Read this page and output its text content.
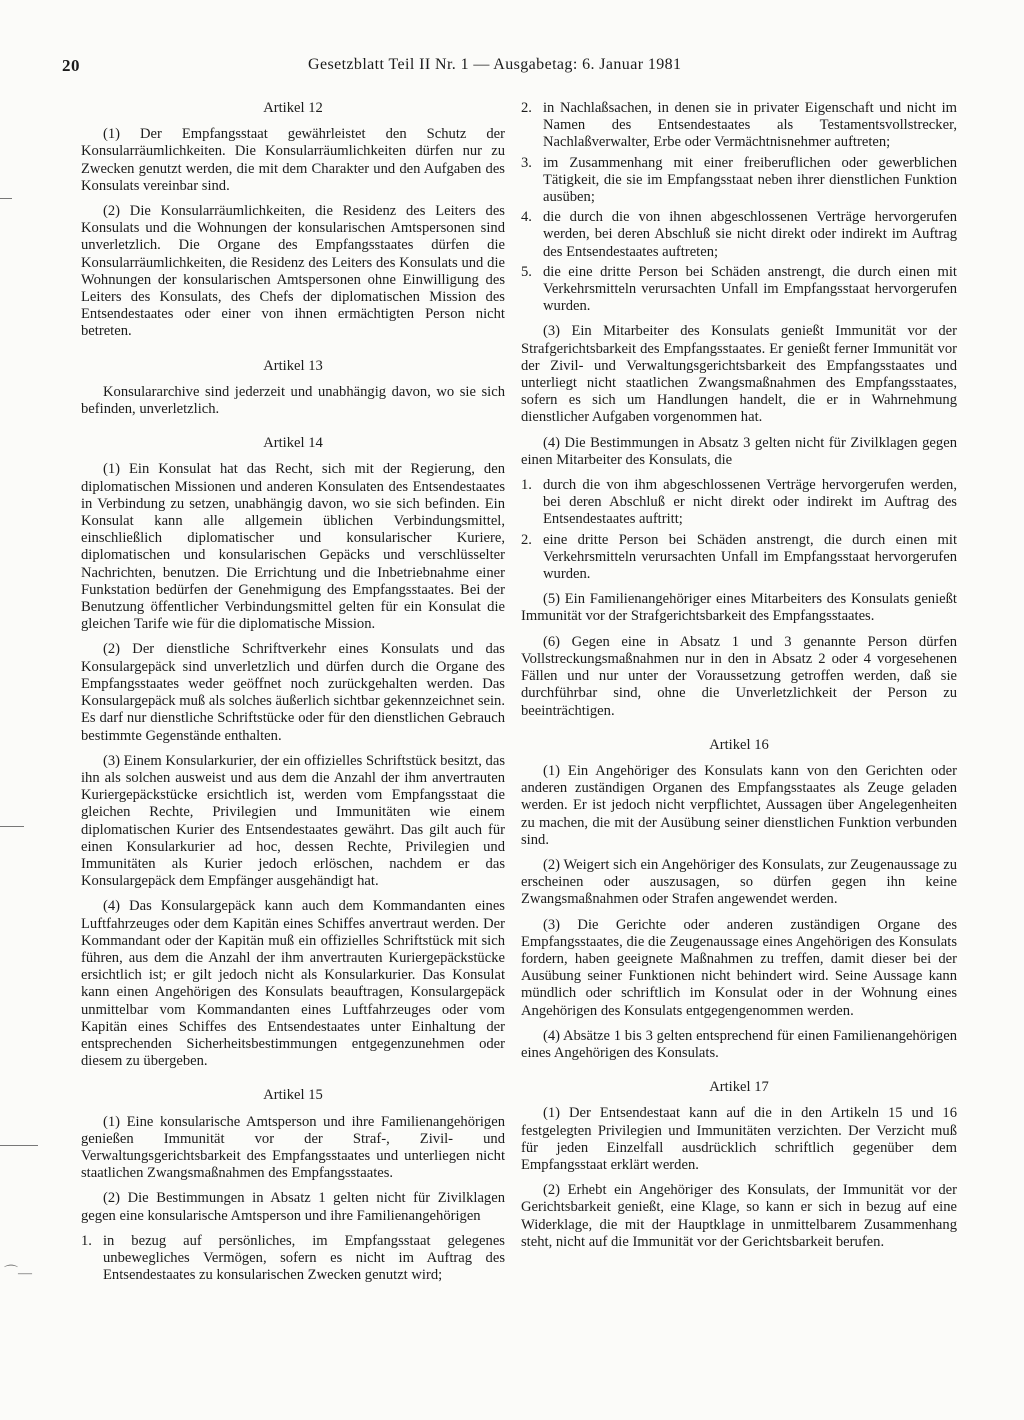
⌒—
20	Gesetzblatt Teil II Nr. 1 — Ausgabetag: 6. Januar 1981
Artikel 12

(1) Der Empfangsstaat gewährleistet den Schutz der Konsularräumlichkeiten. Die Konsularräumlichkeiten dürfen nur zu Zwecken genutzt werden, die mit dem Charakter und den Aufgaben des Konsulats vereinbar sind.

(2) Die Konsularräumlichkeiten, die Residenz des Leiters des Konsulats und die Wohnungen der konsularischen Amtspersonen sind unverletzlich. Die Organe des Empfangsstaates dürfen die Konsularräumlichkeiten, die Residenz des Leiters des Konsulats und die Wohnungen der konsularischen Amtspersonen ohne Einwilligung des Leiters des Konsulats, des Chefs der diplomatischen Mission des Entsendestaates oder einer von ihnen ermächtigten Person nicht betreten.

Artikel 13

Konsulararchive sind jederzeit und unabhängig davon, wo sie sich befinden, unverletzlich.

Artikel 14

(1) Ein Konsulat hat das Recht, sich mit der Regierung, den diplomatischen Missionen und anderen Konsulaten des Entsendestaates in Verbindung zu setzen, unabhängig davon, wo sie sich befinden. Ein Konsulat kann alle allgemein üblichen Verbindungsmittel, einschließlich diplomatischer und konsularischer Kuriere, diplomatischen und konsularischen Gepäcks und verschlüsselter Nachrichten, benutzen. Die Errichtung und die Inbetriebnahme einer Funkstation bedürfen der Genehmigung des Empfangsstaates. Bei der Benutzung öffentlicher Verbindungsmittel gelten für ein Konsulat die gleichen Tarife wie für die diplomatische Mission.

(2) Der dienstliche Schriftverkehr eines Konsulats und das Konsulargepäck sind unverletzlich und dürfen durch die Organe des Empfangsstaates weder geöffnet noch zurückgehalten werden. Das Konsulargepäck muß als solches äußerlich sichtbar gekennzeichnet sein. Es darf nur dienstliche Schriftstücke oder für den dienstlichen Gebrauch bestimmte Gegenstände enthalten.

(3) Einem Konsularkurier, der ein offizielles Schriftstück besitzt, das ihn als solchen ausweist und aus dem die Anzahl der ihm anvertrauten Kuriergepäckstücke ersichtlich ist, werden vom Empfangsstaat die gleichen Rechte, Privilegien und Immunitäten wie einem diplomatischen Kurier des Entsendestaates gewährt. Das gilt auch für einen Konsularkurier ad hoc, dessen Rechte, Privilegien und Immunitäten als Kurier jedoch erlöschen, nachdem er das Konsulargepäck dem Empfänger ausgehändigt hat.

(4) Das Konsulargepäck kann auch dem Kommandanten eines Luftfahrzeuges oder dem Kapitän eines Schiffes anvertraut werden. Der Kommandant oder der Kapitän muß ein offizielles Schriftstück mit sich führen, aus dem die Anzahl der ihm anvertrauten Kuriergepäckstücke ersichtlich ist; er gilt jedoch nicht als Konsularkurier. Das Konsulat kann einen Angehörigen des Konsulats beauftragen, Konsulargepäck unmittelbar vom Kommandanten eines Luftfahrzeuges oder vom Kapitän eines Schiffes des Entsendestaates unter Einhaltung der entsprechenden Sicherheitsbestimmungen entgegenzunehmen oder diesem zu übergeben.

Artikel 15

(1) Eine konsularische Amtsperson und ihre Familienangehörigen genießen Immunität vor der Straf-, Zivil- und Verwaltungsgerichtsbarkeit des Empfangsstaates und unterliegen nicht staatlichen Zwangsmaßnahmen des Empfangsstaates.

(2) Die Bestimmungen in Absatz 1 gelten nicht für Zivilklagen gegen eine konsularische Amtsperson und ihre Familienangehörigen

1. in bezug auf persönliches, im Empfangsstaat gelegenes unbewegliches Vermögen, sofern es nicht im Auftrag des Entsendestaates zu konsularischen Zwecken genutzt wird;
2. in Nachlaßsachen, in denen sie in privater Eigenschaft und nicht im Namen des Entsendestaates als Testamentsvollstrecker, Nachlaßverwalter, Erbe oder Vermächtnisnehmer auftreten;
3. im Zusammenhang mit einer freiberuflichen oder gewerblichen Tätigkeit, die sie im Empfangsstaat neben ihrer dienstlichen Funktion ausüben;
4. die durch die von ihnen abgeschlossenen Verträge hervorgerufen werden, bei deren Abschluß sie nicht direkt oder indirekt im Auftrag des Entsendestaates auftreten;
5. die eine dritte Person bei Schäden anstrengt, die durch einen mit Verkehrsmitteln verursachten Unfall im Empfangsstaat hervorgerufen wurden.

(3) Ein Mitarbeiter des Konsulats genießt Immunität vor der Strafgerichtsbarkeit des Empfangsstaates. Er genießt ferner Immunität vor der Zivil- und Verwaltungsgerichtsbarkeit des Empfangsstaates und unterliegt nicht staatlichen Zwangsmaßnahmen des Empfangsstaates, sofern es sich um Handlungen handelt, die er in Wahrnehmung dienstlicher Aufgaben vorgenommen hat.

(4) Die Bestimmungen in Absatz 3 gelten nicht für Zivilklagen gegen einen Mitarbeiter des Konsulats, die

1. durch die von ihm abgeschlossenen Verträge hervorgerufen werden, bei deren Abschluß er nicht direkt oder indirekt im Auftrag des Entsendestaates auftritt;
2. eine dritte Person bei Schäden anstrengt, die durch einen mit Verkehrsmitteln verursachten Unfall im Empfangsstaat hervorgerufen wurden.

(5) Ein Familienangehöriger eines Mitarbeiters des Konsulats genießt Immunität vor der Strafgerichtsbarkeit des Empfangsstaates.

(6) Gegen eine in Absatz 1 und 3 genannte Person dürfen Vollstreckungsmaßnahmen nur in den in Absatz 2 oder 4 vorgesehenen Fällen und nur unter der Voraussetzung getroffen werden, daß sie durchführbar sind, ohne die Unverletzlichkeit der Person zu beeinträchtigen.

Artikel 16

(1) Ein Angehöriger des Konsulats kann von den Gerichten oder anderen zuständigen Organen des Empfangsstaates als Zeuge geladen werden. Er ist jedoch nicht verpflichtet, Aussagen über Angelegenheiten zu machen, die mit der Ausübung seiner dienstlichen Funktion verbunden sind.

(2) Weigert sich ein Angehöriger des Konsulats, zur Zeugenaussage zu erscheinen oder auszusagen, so dürfen gegen ihn keine Zwangsmaßnahmen oder Strafen angewendet werden.

(3) Die Gerichte oder anderen zuständigen Organe des Empfangsstaates, die die Zeugenaussage eines Angehörigen des Konsulats fordern, haben geeignete Maßnahmen zu treffen, damit dieser bei der Ausübung seiner Funktionen nicht behindert wird. Seine Aussage kann mündlich oder schriftlich im Konsulat oder in der Wohnung eines Angehörigen des Konsulats entgegengenommen werden.

(4) Absätze 1 bis 3 gelten entsprechend für einen Familienangehörigen eines Angehörigen des Konsulats.

Artikel 17

(1) Der Entsendestaat kann auf die in den Artikeln 15 und 16 festgelegten Privilegien und Immunitäten verzichten. Der Verzicht muß für jeden Einzelfall ausdrücklich schriftlich gegenüber dem Empfangsstaat erklärt werden.

(2) Erhebt ein Angehöriger des Konsulats, der Immunität vor der Gerichtsbarkeit genießt, eine Klage, so kann er sich in bezug auf eine Widerklage, die mit der Hauptklage in unmittelbarem Zusammenhang steht, nicht auf die Immunität vor der Gerichtsbarkeit berufen.
